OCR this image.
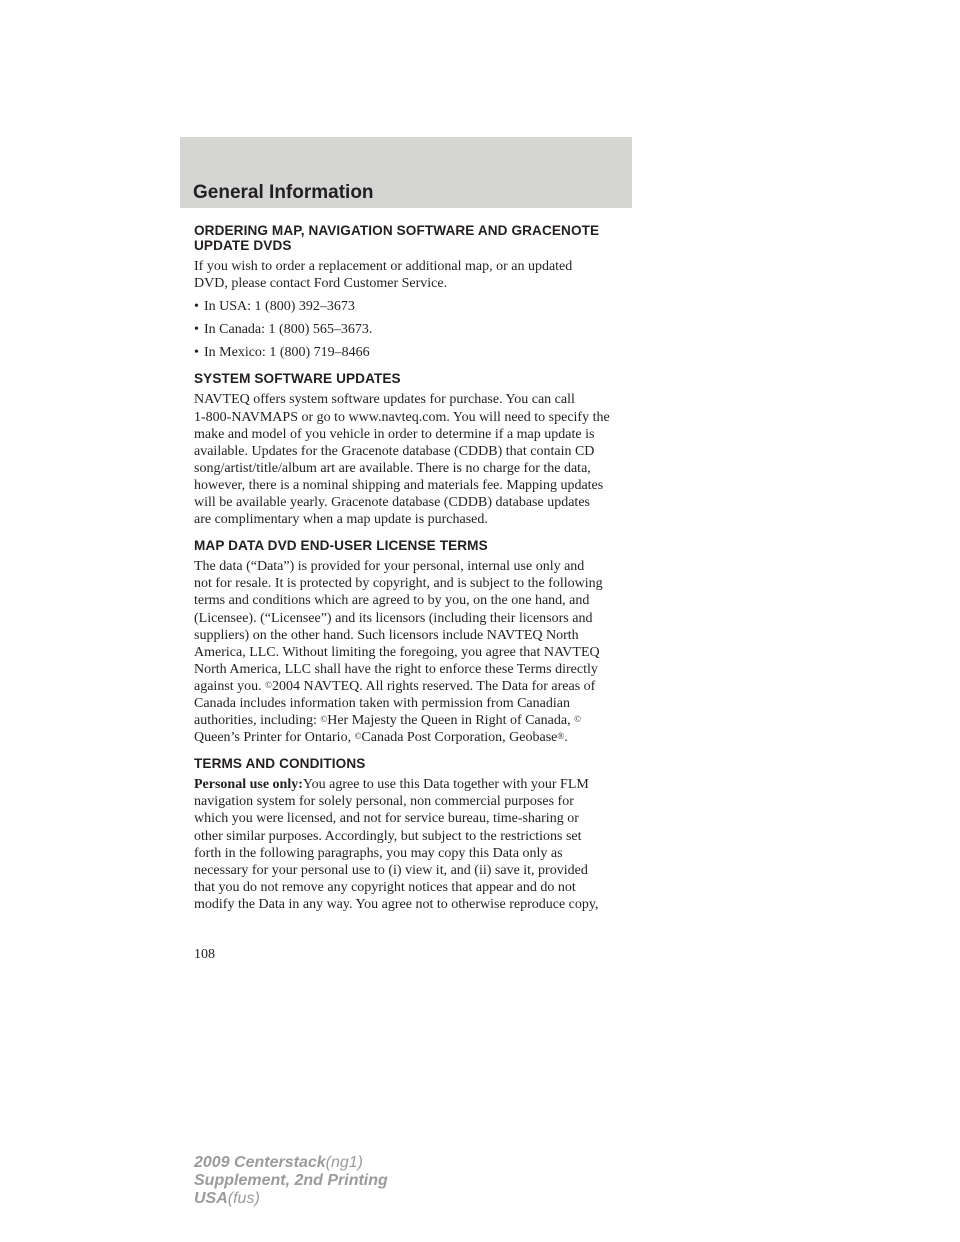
General Information
ORDERING MAP, NAVIGATION SOFTWARE AND GRACENOTE
UPDATE DVDS

If you wish to order a replacement or additional map, or an updated
DVD, please contact Ford Customer Service.

• In USA: 1 (800) 392–3673
• In Canada: 1 (800) 565–3673.
• In Mexico: 1 (800) 719–8466
SYSTEM SOFTWARE UPDATES

NAVTEQ offers system software updates for purchase. You can call
1-800-NAVMAPS or go to www.navteq.com. You will need to specify the
make and model of you vehicle in order to determine if a map update is
available. Updates for the Gracenote database (CDDB) that contain CD
song/artist/title/album art are available. There is no charge for the data,
however, there is a nominal shipping and materials fee. Mapping updates
will be available yearly. Gracenote database (CDDB) database updates
are complimentary when a map update is purchased.

MAP DATA DVD END-USER LICENSE TERMS

The data (“Data”) is provided for your personal, internal use only and
not for resale. It is protected by copyright, and is subject to the following
terms and conditions which are agreed to by you, on the one hand, and
(Licensee). (“Licensee”) and its licensors (including their licensors and
suppliers) on the other hand. Such licensors include NAVTEQ North
America, LLC. Without limiting the foregoing, you agree that NAVTEQ
North America, LLC shall have the right to enforce these Terms directly
against you. ©2004 NAVTEQ. All rights reserved. The Data for areas of
Canada includes information taken with permission from Canadian
authorities, including: ©Her Majesty the Queen in Right of Canada, ©
Queen’s Printer for Ontario, ©Canada Post Corporation, Geobase®.

TERMS AND CONDITIONS

Personal use only:You agree to use this Data together with your FLM
navigation system for solely personal, non commercial purposes for
which you were licensed, and not for service bureau, time-sharing or
other similar purposes. Accordingly, but subject to the restrictions set
forth in the following paragraphs, you may copy this Data only as
necessary for your personal use to (i) view it, and (ii) save it, provided
that you do not remove any copyright notices that appear and do not
modify the Data in any way. You agree not to otherwise reproduce copy,

108

2009 Centerstack(ng1)
Supplement, 2nd Printing
USA(fus)
